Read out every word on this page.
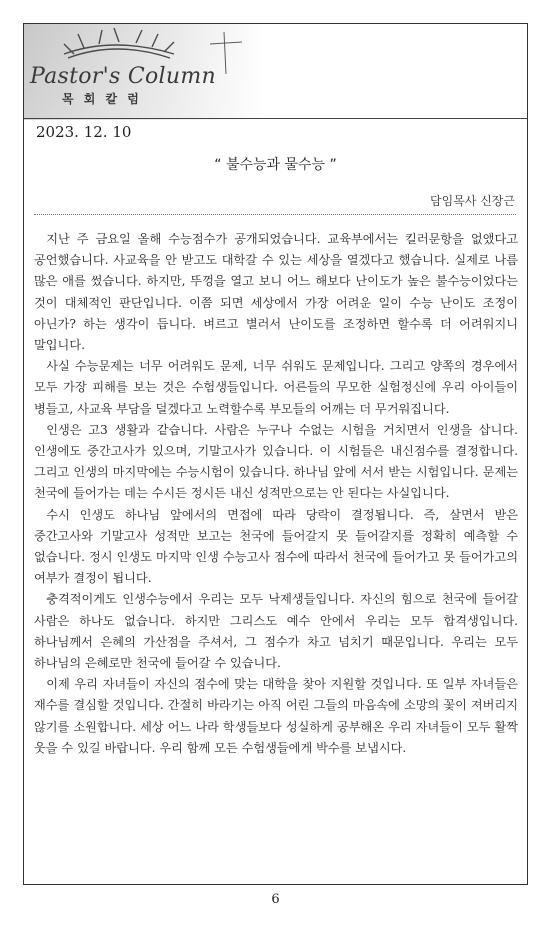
Pastor's Column
목 회 칼 럼
2023. 12. 10
“ 불수능과 물수능 ”
담임목사 신장근

지난 주 금요일 올해 수능점수가 공개되었습니다. 교육부에서는 킬러문항을 없앴다고 공언했습니다. 사교육을 안 받고도 대학갈 수 있는 세상을 열겠다고 했습니다. 실제로 나름 많은 애를 썼습니다. 하지만, 뚜껑을 열고 보니 어느 해보다 난이도가 높은 불수능이었다는 것이 대체적인 판단입니다. 이쯤 되면 세상에서 가장 어려운 일이 수능 난이도 조정이 아닌가? 하는 생각이 듭니다. 벼르고 별러서 난이도를 조정하면 할수록 더 어려워지니 말입니다.

사실 수능문제는 너무 어려워도 문제, 너무 쉬워도 문제입니다. 그리고 양쪽의 경우에서 모두 가장 피해를 보는 것은 수험생들입니다. 어른들의 무모한 실험정신에 우리 아이들이 병들고, 사교육 부담을 덜겠다고 노력할수록 부모들의 어깨는 더 무거워집니다.

인생은 고3 생활과 같습니다. 사람은 누구나 수없는 시험을 거치면서 인생을 삽니다. 인생에도 중간고사가 있으며, 기말고사가 있습니다. 이 시험들은 내신점수를 결정합니다. 그리고 인생의 마지막에는 수능시험이 있습니다. 하나님 앞에 서서 받는 시험입니다. 문제는 천국에 들어가는 데는 수시든 정시든 내신 성적만으로는 안 된다는 사실입니다.

수시 인생도 하나님 앞에서의 면접에 따라 당락이 결정됩니다. 즉, 살면서 받은 중간고사와 기말고사 성적만 보고는 천국에 들어갈지 못 들어갈지를 정확히 예측할 수 없습니다. 정시 인생도 마지막 인생 수능고사 점수에 따라서 천국에 들어가고 못 들어가고의 여부가 결정이 됩니다.

충격적이게도 인생수능에서 우리는 모두 낙제생들입니다. 자신의 힘으로 천국에 들어갈 사람은 하나도 없습니다. 하지만 그리스도 예수 안에서 우리는 모두 합격생입니다. 하나님께서 은혜의 가산점을 주셔서, 그 점수가 차고 넘치기 때문입니다. 우리는 모두 하나님의 은혜로만 천국에 들어갈 수 있습니다.

이제 우리 자녀들이 자신의 점수에 맞는 대학을 찾아 지원할 것입니다. 또 일부 자녀들은 재수를 결심할 것입니다. 간절히 바라기는 아직 어린 그들의 마음속에 소망의 꽃이 져버리지 않기를 소원합니다. 세상 어느 나라 학생들보다 성실하게 공부해온 우리 자녀들이 모두 활짝 웃을 수 있길 바랍니다. 우리 함께 모든 수험생들에게 박수를 보냅시다.

6
